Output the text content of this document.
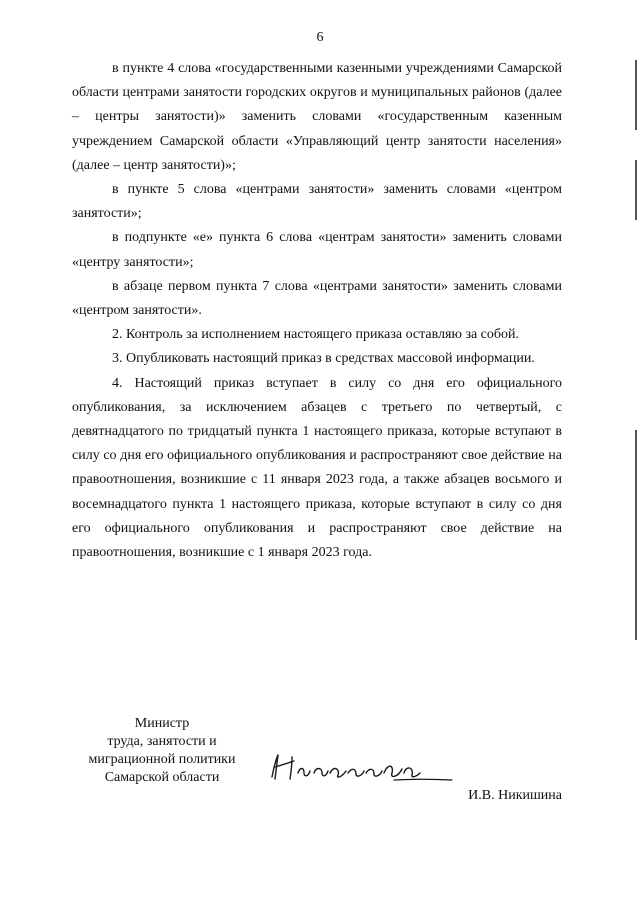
6

в пункте 4 слова «государственными казенными учреждениями Самарской области центрами занятости городских округов и муниципальных районов (далее – центры занятости)» заменить словами «государственным казенным учреждением Самарской области «Управляющий центр занятости населения» (далее – центр занятости)»;

в пункте 5 слова «центрами занятости» заменить словами «центром занятости»;

в подпункте «е» пункта 6 слова «центрам занятости» заменить словами «центру занятости»;

в абзаце первом пункта 7 слова «центрами занятости» заменить словами «центром занятости».

2. Контроль за исполнением настоящего приказа оставляю за собой.

3. Опубликовать настоящий приказ в средствах массовой информации.

4. Настоящий приказ вступает в силу со дня его официального опубликования, за исключением абзацев с третьего по четвертый, с девятнадцатого по тридцатый пункта 1 настоящего приказа, которые вступают в силу со дня его официального опубликования и распространяют свое действие на правоотношения, возникшие с 11 января 2023 года, а также абзацев восьмого и восемнадцатого пункта 1 настоящего приказа, которые вступают в силу со дня его официального опубликования и распространяют свое действие на правоотношения, возникшие с 1 января 2023 года.

Министр
труда, занятости и
миграционной политики
Самарской области
И.В. Никишина
